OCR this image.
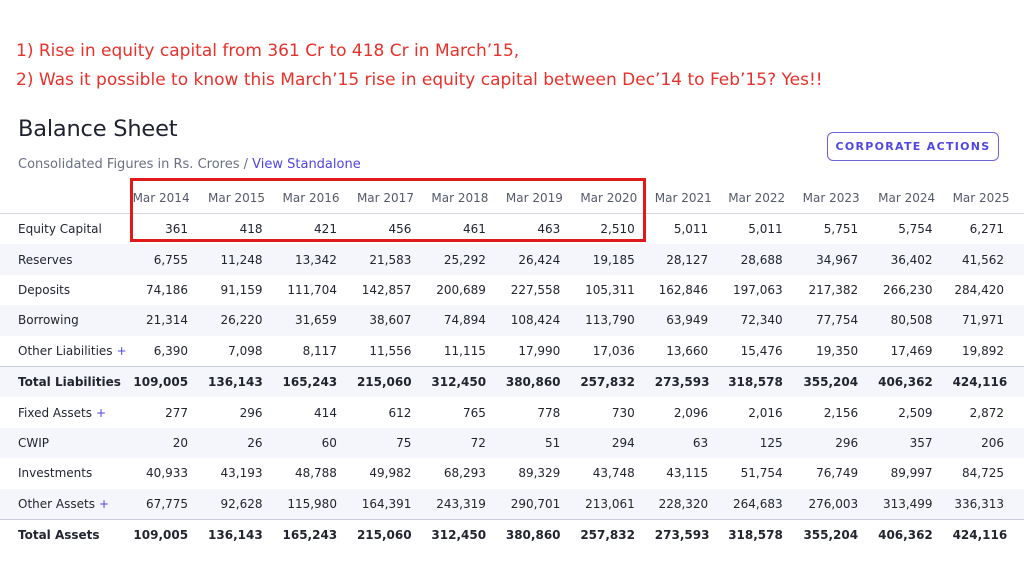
1) Rise in equity capital from 361 Cr to 418 Cr in March’15,
2) Was it possible to know this March’15 rise in equity capital between Dec’14 to Feb’15? Yes!!
Balance Sheet
Consolidated Figures in Rs. Crores / View Standalone
CORPORATE ACTIONS
	Mar 2014	Mar 2015	Mar 2016	Mar 2017	Mar 2018	Mar 2019	Mar 2020	Mar 2021	Mar 2022	Mar 2023	Mar 2024	Mar 2025
Equity Capital	361	418	421	456	461	463	2,510	5,011	5,011	5,751	5,754	6,271
Reserves	6,755	11,248	13,342	21,583	25,292	26,424	19,185	28,127	28,688	34,967	36,402	41,562
Deposits	74,186	91,159	111,704	142,857	200,689	227,558	105,311	162,846	197,063	217,382	266,230	284,420
Borrowing	21,314	26,220	31,659	38,607	74,894	108,424	113,790	63,949	72,340	77,754	80,508	71,971
Other Liabilities +	6,390	7,098	8,117	11,556	11,115	17,990	17,036	13,660	15,476	19,350	17,469	19,892
Total Liabilities	109,005	136,143	165,243	215,060	312,450	380,860	257,832	273,593	318,578	355,204	406,362	424,116
Fixed Assets +	277	296	414	612	765	778	730	2,096	2,016	2,156	2,509	2,872
CWIP	20	26	60	75	72	51	294	63	125	296	357	206
Investments	40,933	43,193	48,788	49,982	68,293	89,329	43,748	43,115	51,754	76,749	89,997	84,725
Other Assets +	67,775	92,628	115,980	164,391	243,319	290,701	213,061	228,320	264,683	276,003	313,499	336,313
Total Assets	109,005	136,143	165,243	215,060	312,450	380,860	257,832	273,593	318,578	355,204	406,362	424,116
